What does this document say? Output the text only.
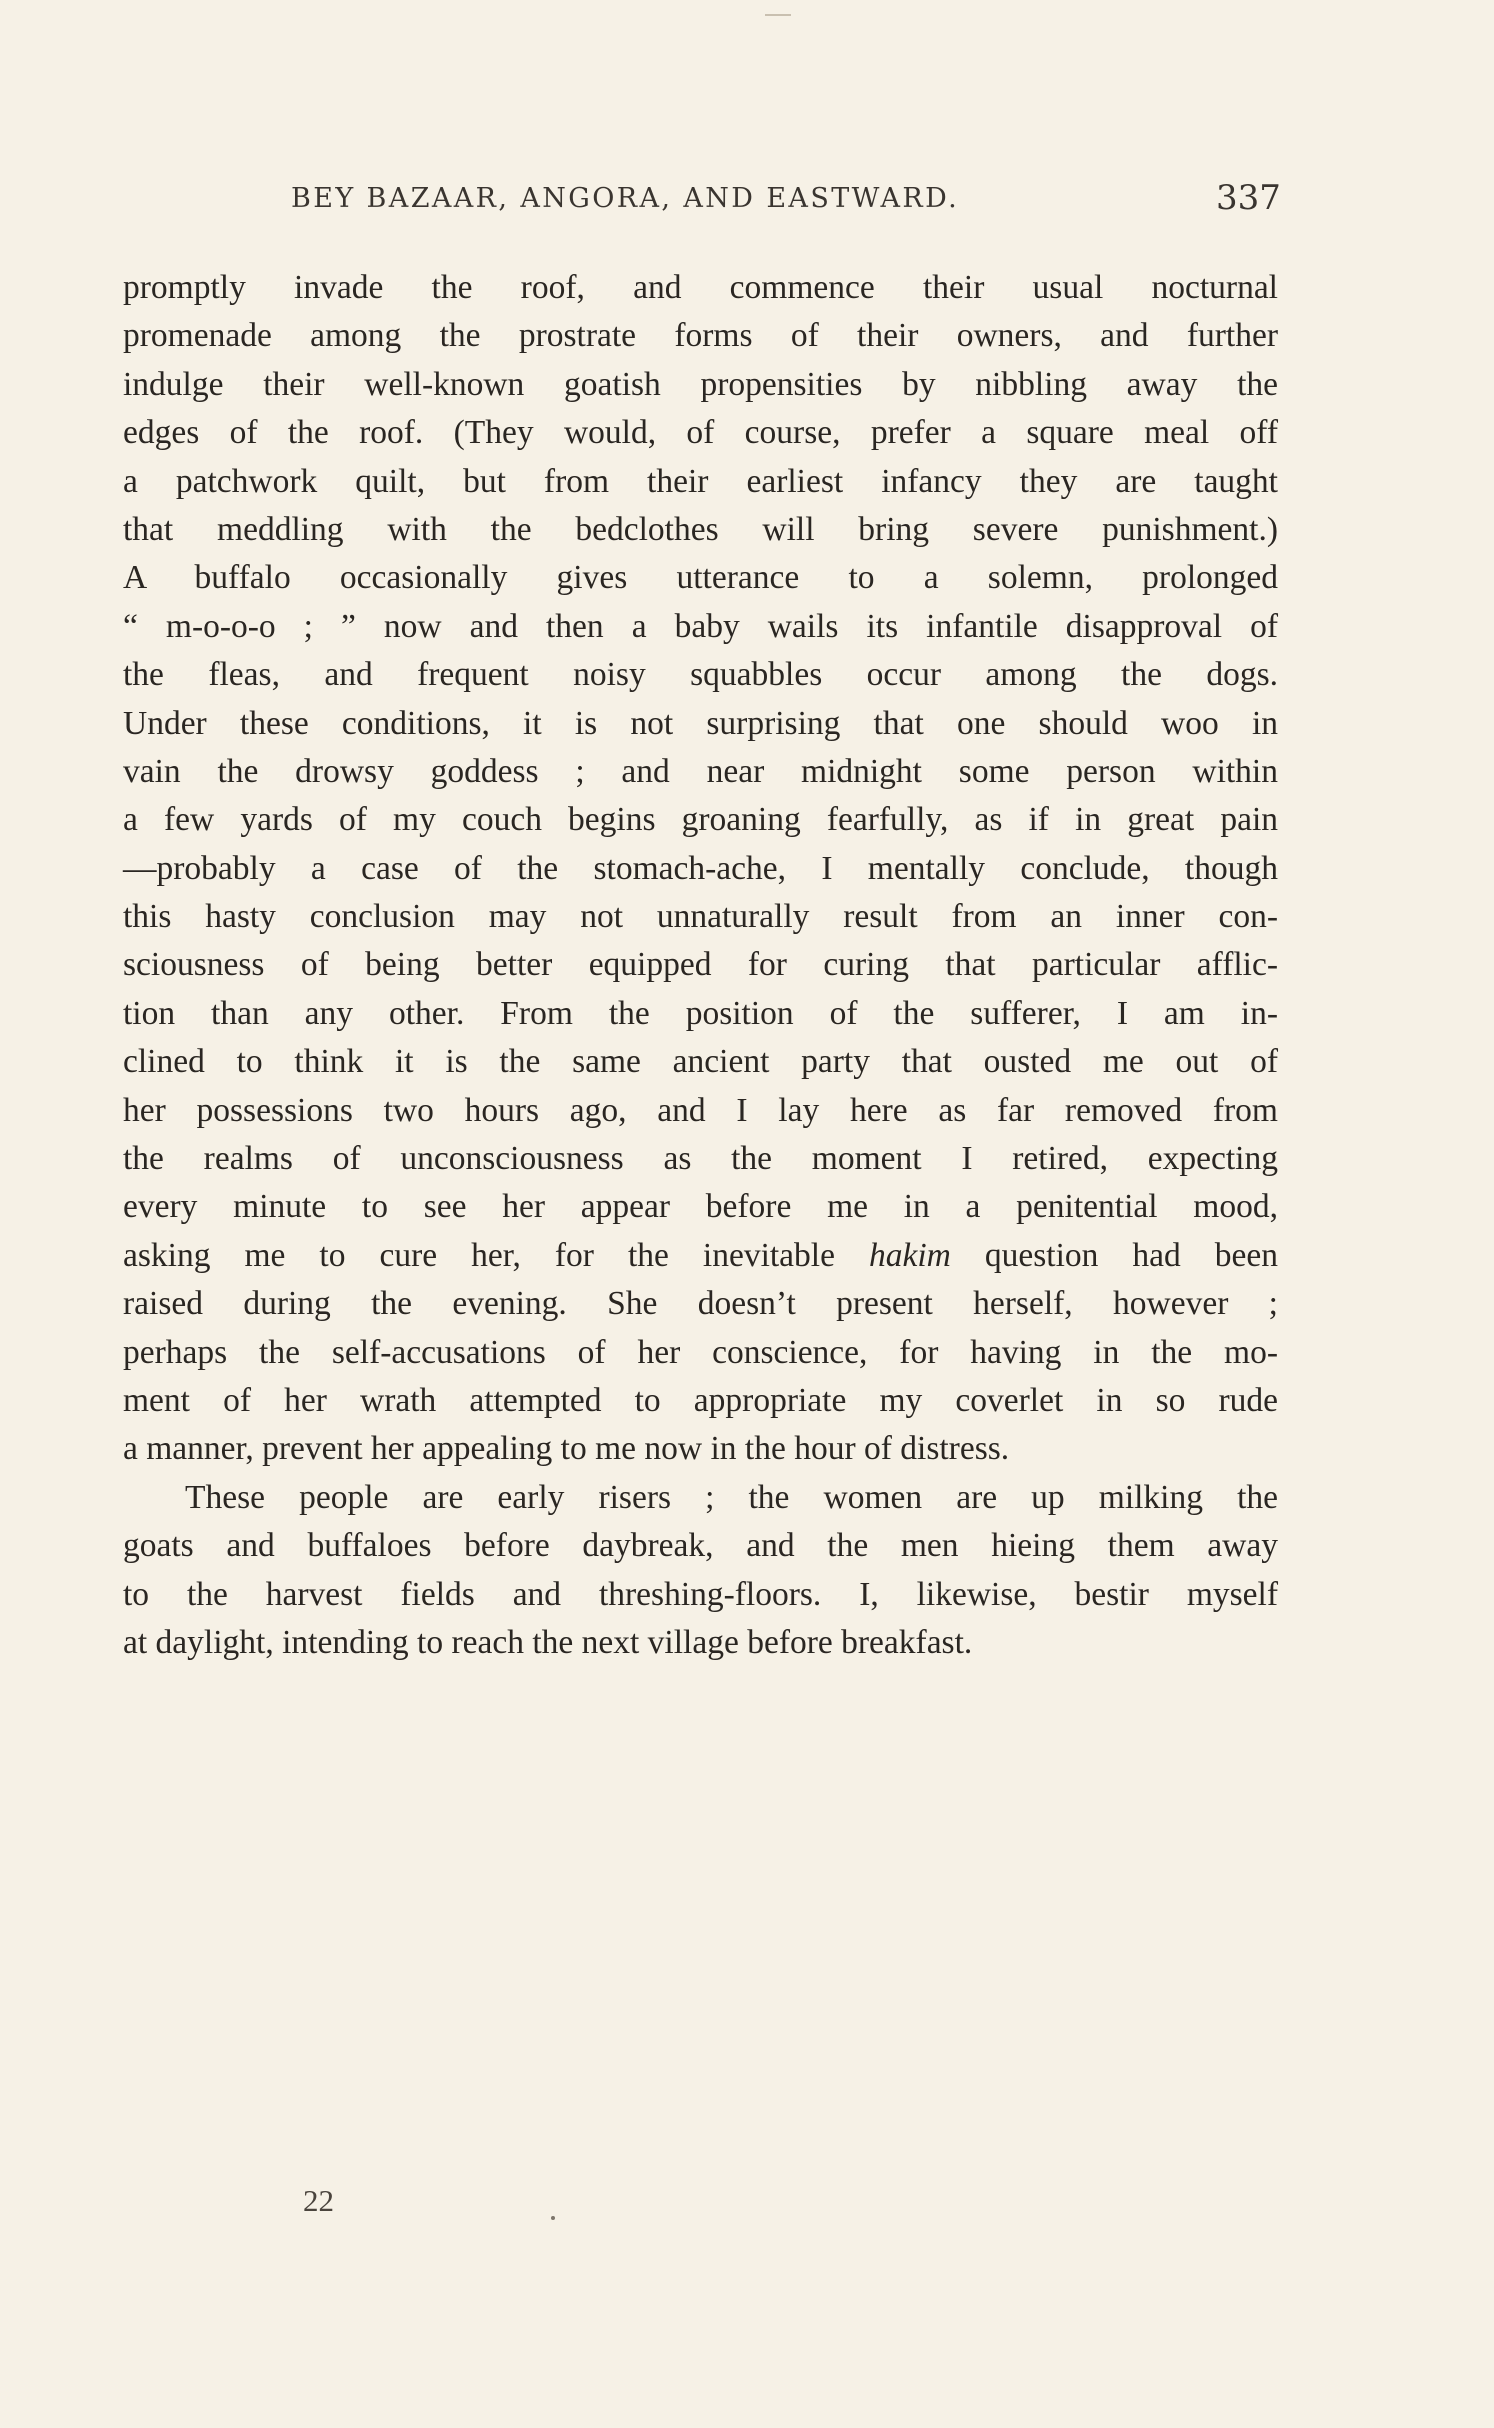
BEY BAZAAR, ANGORA, AND EASTWARD.	337
promptly invade the roof, and commence their usual nocturnal
promenade among the prostrate forms of their owners, and further
indulge their well-known goatish propensities by nibbling away the
edges of the roof. (They would, of course, prefer a square meal off
a patchwork quilt, but from their earliest infancy they are taught
that meddling with the bedclothes will bring severe punishment.)
A buffalo occasionally gives utterance to a solemn, prolonged
“ m-o-o-o ; ” now and then a baby wails its infantile disapproval of
the fleas, and frequent noisy squabbles occur among the dogs.
Under these conditions, it is not surprising that one should woo in
vain the drowsy goddess ; and near midnight some person within
a few yards of my couch begins groaning fearfully, as if in great pain
—probably a case of the stomach-ache, I mentally conclude, though
this hasty conclusion may not unnaturally result from an inner con-
sciousness of being better equipped for curing that particular afflic-
tion than any other. From the position of the sufferer, I am in-
clined to think it is the same ancient party that ousted me out of
her possessions two hours ago, and I lay here as far removed from
the realms of unconsciousness as the moment I retired, expecting
every minute to see her appear before me in a penitential mood,
asking me to cure her, for the inevitable hakim question had been
raised during the evening. She doesn’t present herself, however ;
perhaps the self-accusations of her conscience, for having in the mo-
ment of her wrath attempted to appropriate my coverlet in so rude
a manner, prevent her appealing to me now in the hour of distress.
These people are early risers ; the women are up milking the
goats and buffaloes before daybreak, and the men hieing them away
to the harvest fields and threshing-floors. I, likewise, bestir myself
at daylight, intending to reach the next village before breakfast.
22
